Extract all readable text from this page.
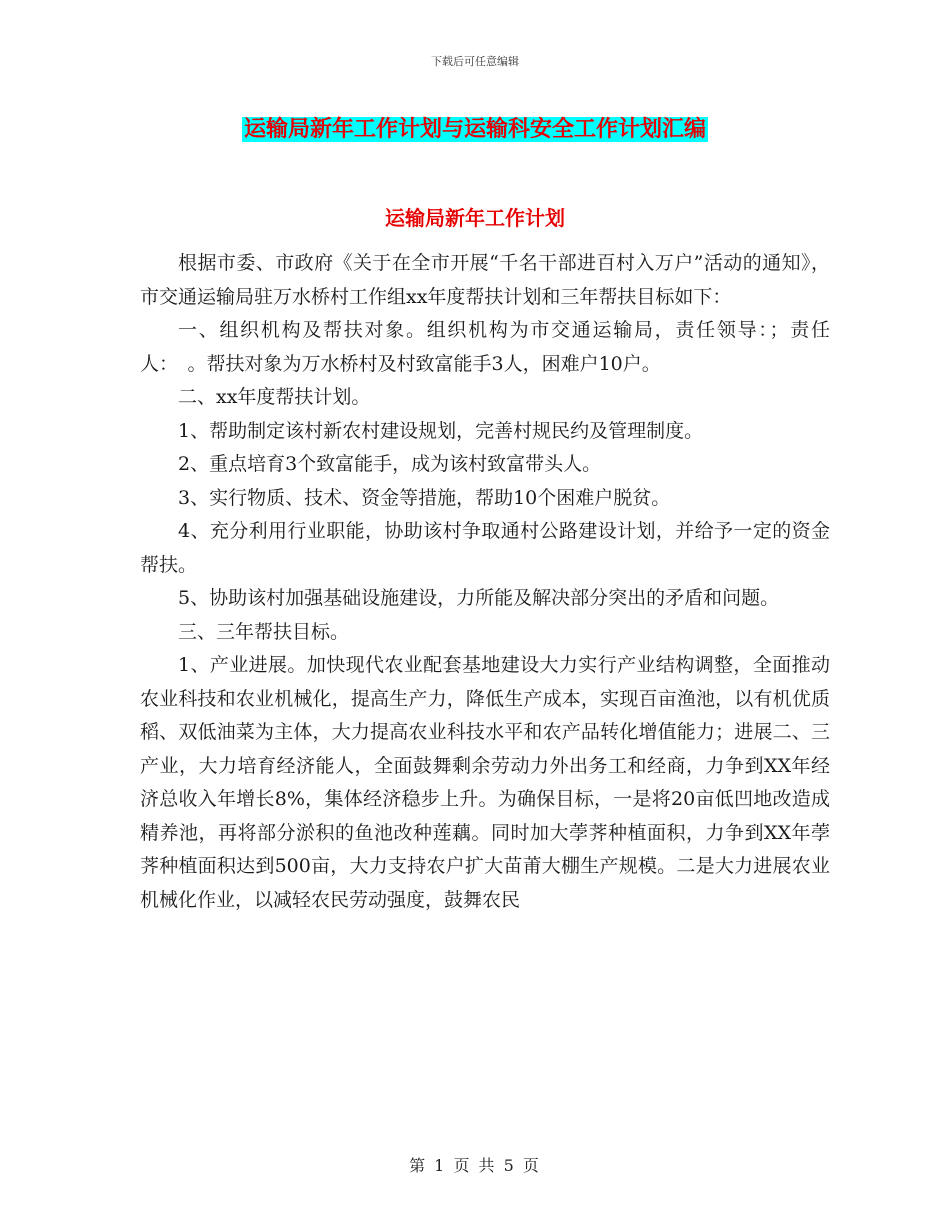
下载后可任意编辑
运输局新年工作计划与运输科安全工作计划汇编
运输局新年工作计划

根据市委、市政府《关于在全市开展“千名干部进百村入万户”活动的通知》，市交通运输局驻万水桥村工作组xx年度帮扶计划和三年帮扶目标如下：

一、组织机构及帮扶对象。组织机构为市交通运输局，责任领导：；责任人：　。帮扶对象为万水桥村及村致富能手3人，困难户10户。

二、xx年度帮扶计划。

1、帮助制定该村新农村建设规划，完善村规民约及管理制度。

2、重点培育3个致富能手，成为该村致富带头人。

3、实行物质、技术、资金等措施，帮助10个困难户脱贫。

4、充分利用行业职能，协助该村争取通村公路建设计划，并给予一定的资金帮扶。

5、协助该村加强基础设施建设，力所能及解决部分突出的矛盾和问题。

三、三年帮扶目标。

1、产业进展。加快现代农业配套基地建设大力实行产业结构调整，全面推动农业科技和农业机械化，提高生产力，降低生产成本，实现百亩渔池，以有机优质稻、双低油菜为主体，大力提高农业科技水平和农产品转化增值能力；进展二、三产业，大力培育经济能人，全面鼓舞剩余劳动力外出务工和经商，力争到XX年经济总收入年增长8%，集体经济稳步上升。为确保目标，一是将20亩低凹地改造成精养池，再将部分淤积的鱼池改种莲藕。同时加大荸荠种植面积，力争到XX年荸荠种植面积达到500亩，大力支持农户扩大苗莆大棚生产规模。二是大力进展农业机械化作业，以减轻农民劳动强度，鼓舞农民

第 1 页 共 5 页
